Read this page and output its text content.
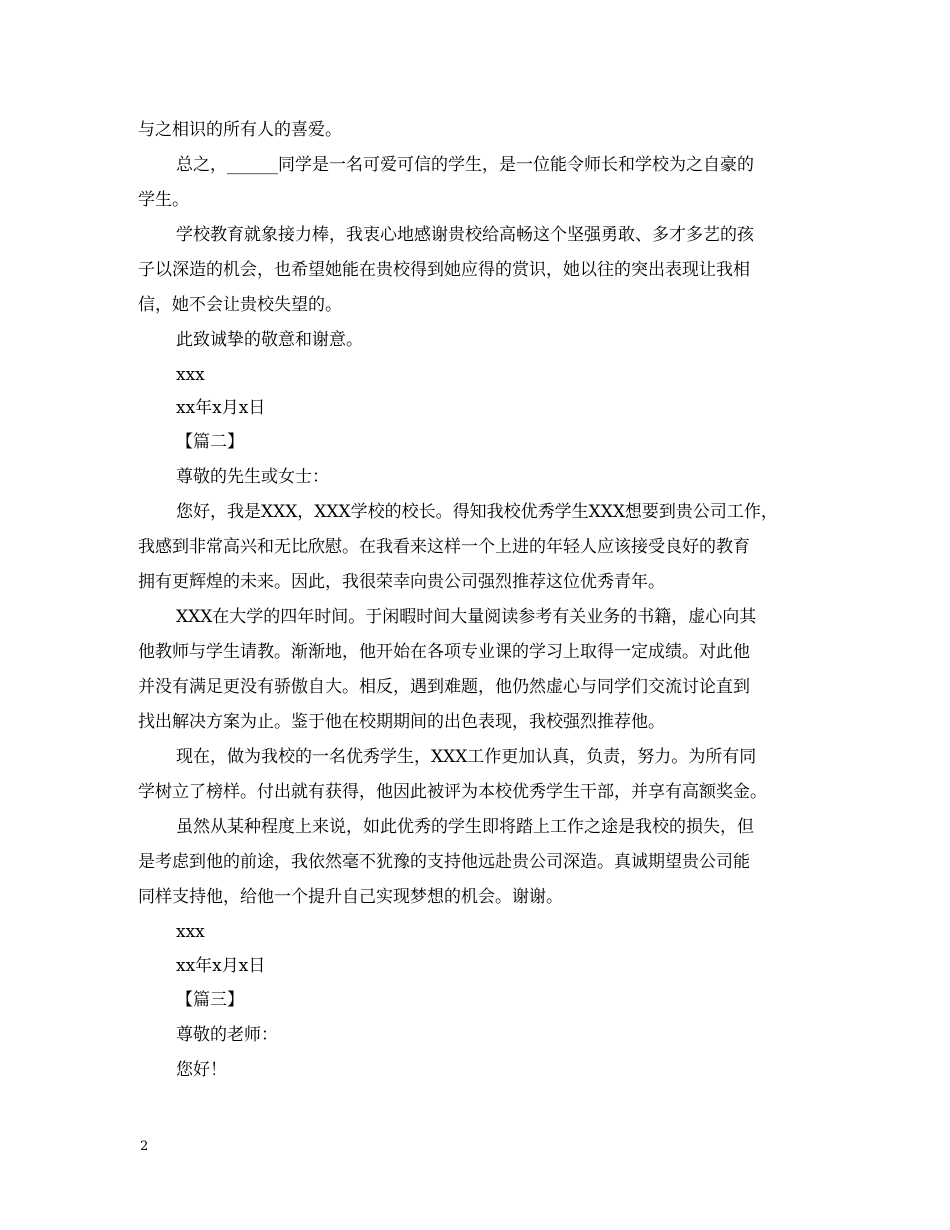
与之相识的所有人的喜爱。
总之，______同学是一名可爱可信的学生，是一位能令师长和学校为之自豪的
学生。
学校教育就象接力棒，我衷心地感谢贵校给高畅这个坚强勇敢、多才多艺的孩
子以深造的机会，也希望她能在贵校得到她应得的赏识，她以往的突出表现让我相
信，她不会让贵校失望的。
此致诚挚的敬意和谢意。
xxx
xx年x月x日
【篇二】
尊敬的先生或女士：
您好，我是XXX，XXX学校的校长。得知我校优秀学生XXX想要到贵公司工作，
我感到非常高兴和无比欣慰。在我看来这样一个上进的年轻人应该接受良好的教育
拥有更辉煌的未来。因此，我很荣幸向贵公司强烈推荐这位优秀青年。
XXX在大学的四年时间。于闲暇时间大量阅读参考有关业务的书籍，虚心向其
他教师与学生请教。渐渐地，他开始在各项专业课的学习上取得一定成绩。对此他
并没有满足更没有骄傲自大。相反，遇到难题，他仍然虚心与同学们交流讨论直到
找出解决方案为止。鉴于他在校期期间的出色表现，我校强烈推荐他。
现在，做为我校的一名优秀学生，XXX工作更加认真，负责，努力。为所有同
学树立了榜样。付出就有获得，他因此被评为本校优秀学生干部，并享有高额奖金。
虽然从某种程度上来说，如此优秀的学生即将踏上工作之途是我校的损失，但
是考虑到他的前途，我依然毫不犹豫的支持他远赴贵公司深造。真诚期望贵公司能
同样支持他，给他一个提升自己实现梦想的机会。谢谢。
xxx
xx年x月x日
【篇三】
尊敬的老师：
您好！
2
